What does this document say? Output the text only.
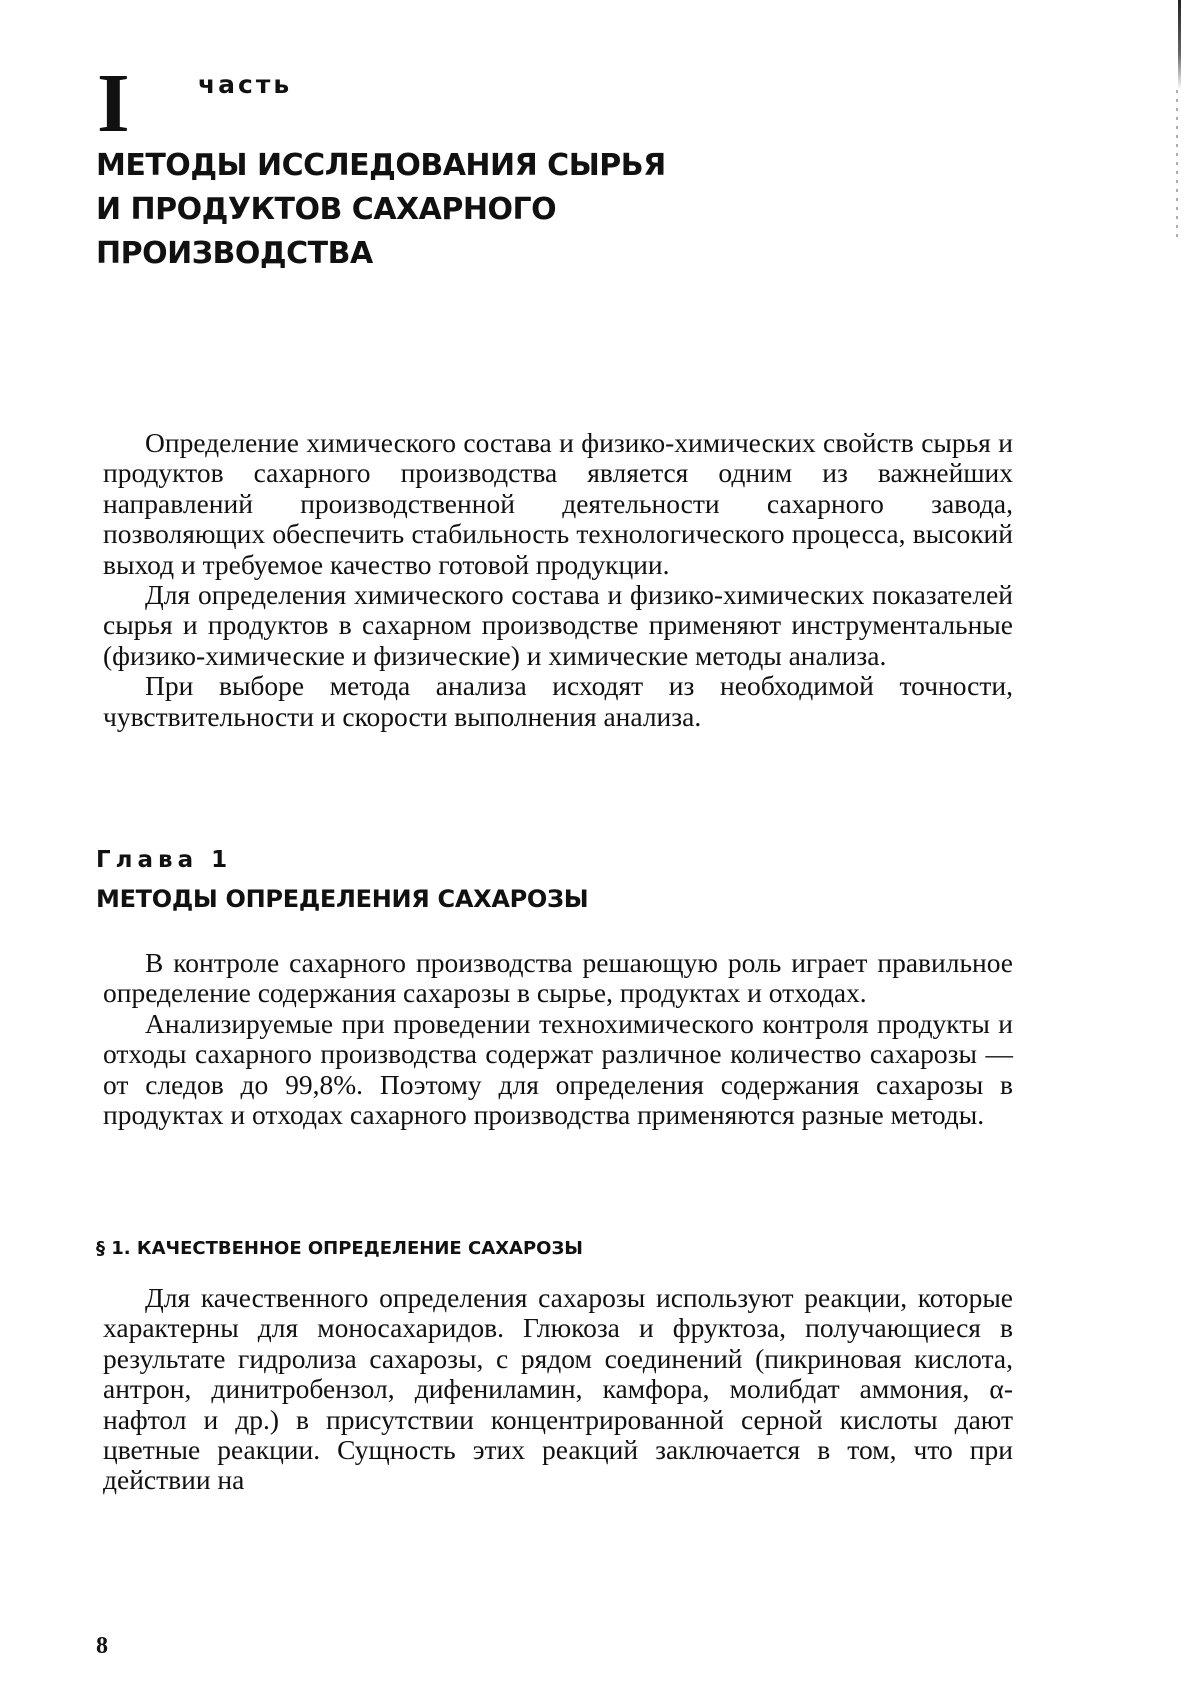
I	часть
МЕТОДЫ ИССЛЕДОВАНИЯ СЫРЬЯ
И ПРОДУКТОВ САХАРНОГО
ПРОИЗВОДСТВА

Определение химического состава и физико-химических свойств сырья и продуктов сахарного производства является одним из важнейших направлений производственной деятельности сахарного завода, позволяющих обеспечить стабильность технологического процесса, высокий выход и требуемое качество готовой продукции.

Для определения химического состава и физико-химических показателей сырья и продуктов в сахарном производстве применяют инструментальные (физико-химические и физические) и химические методы анализа.

При выборе метода анализа исходят из необходимой точности, чувствительности и скорости выполнения анализа.

Глава 1
МЕТОДЫ ОПРЕДЕЛЕНИЯ САХАРОЗЫ

В контроле сахарного производства решающую роль играет правильное определение содержания сахарозы в сырье, продуктах и отходах.

Анализируемые при проведении технохимического контроля продукты и отходы сахарного производства содержат различное количество сахарозы — от следов до 99,8%. Поэтому для определения содержания сахарозы в продуктах и отходах сахарного производства применяются разные методы.

§ 1. КАЧЕСТВЕННОЕ ОПРЕДЕЛЕНИЕ САХАРОЗЫ

Для качественного определения сахарозы используют реакции, которые характерны для моносахаридов. Глюкоза и фруктоза, получающиеся в результате гидролиза сахарозы, с рядом соединений (пикриновая кислота, антрон, динитробензол, дифениламин, камфора, молибдат аммония, α-нафтол и др.) в присутствии концентрированной серной кислоты дают цветные реакции. Сущность этих реакций заключается в том, что при действии на

8
